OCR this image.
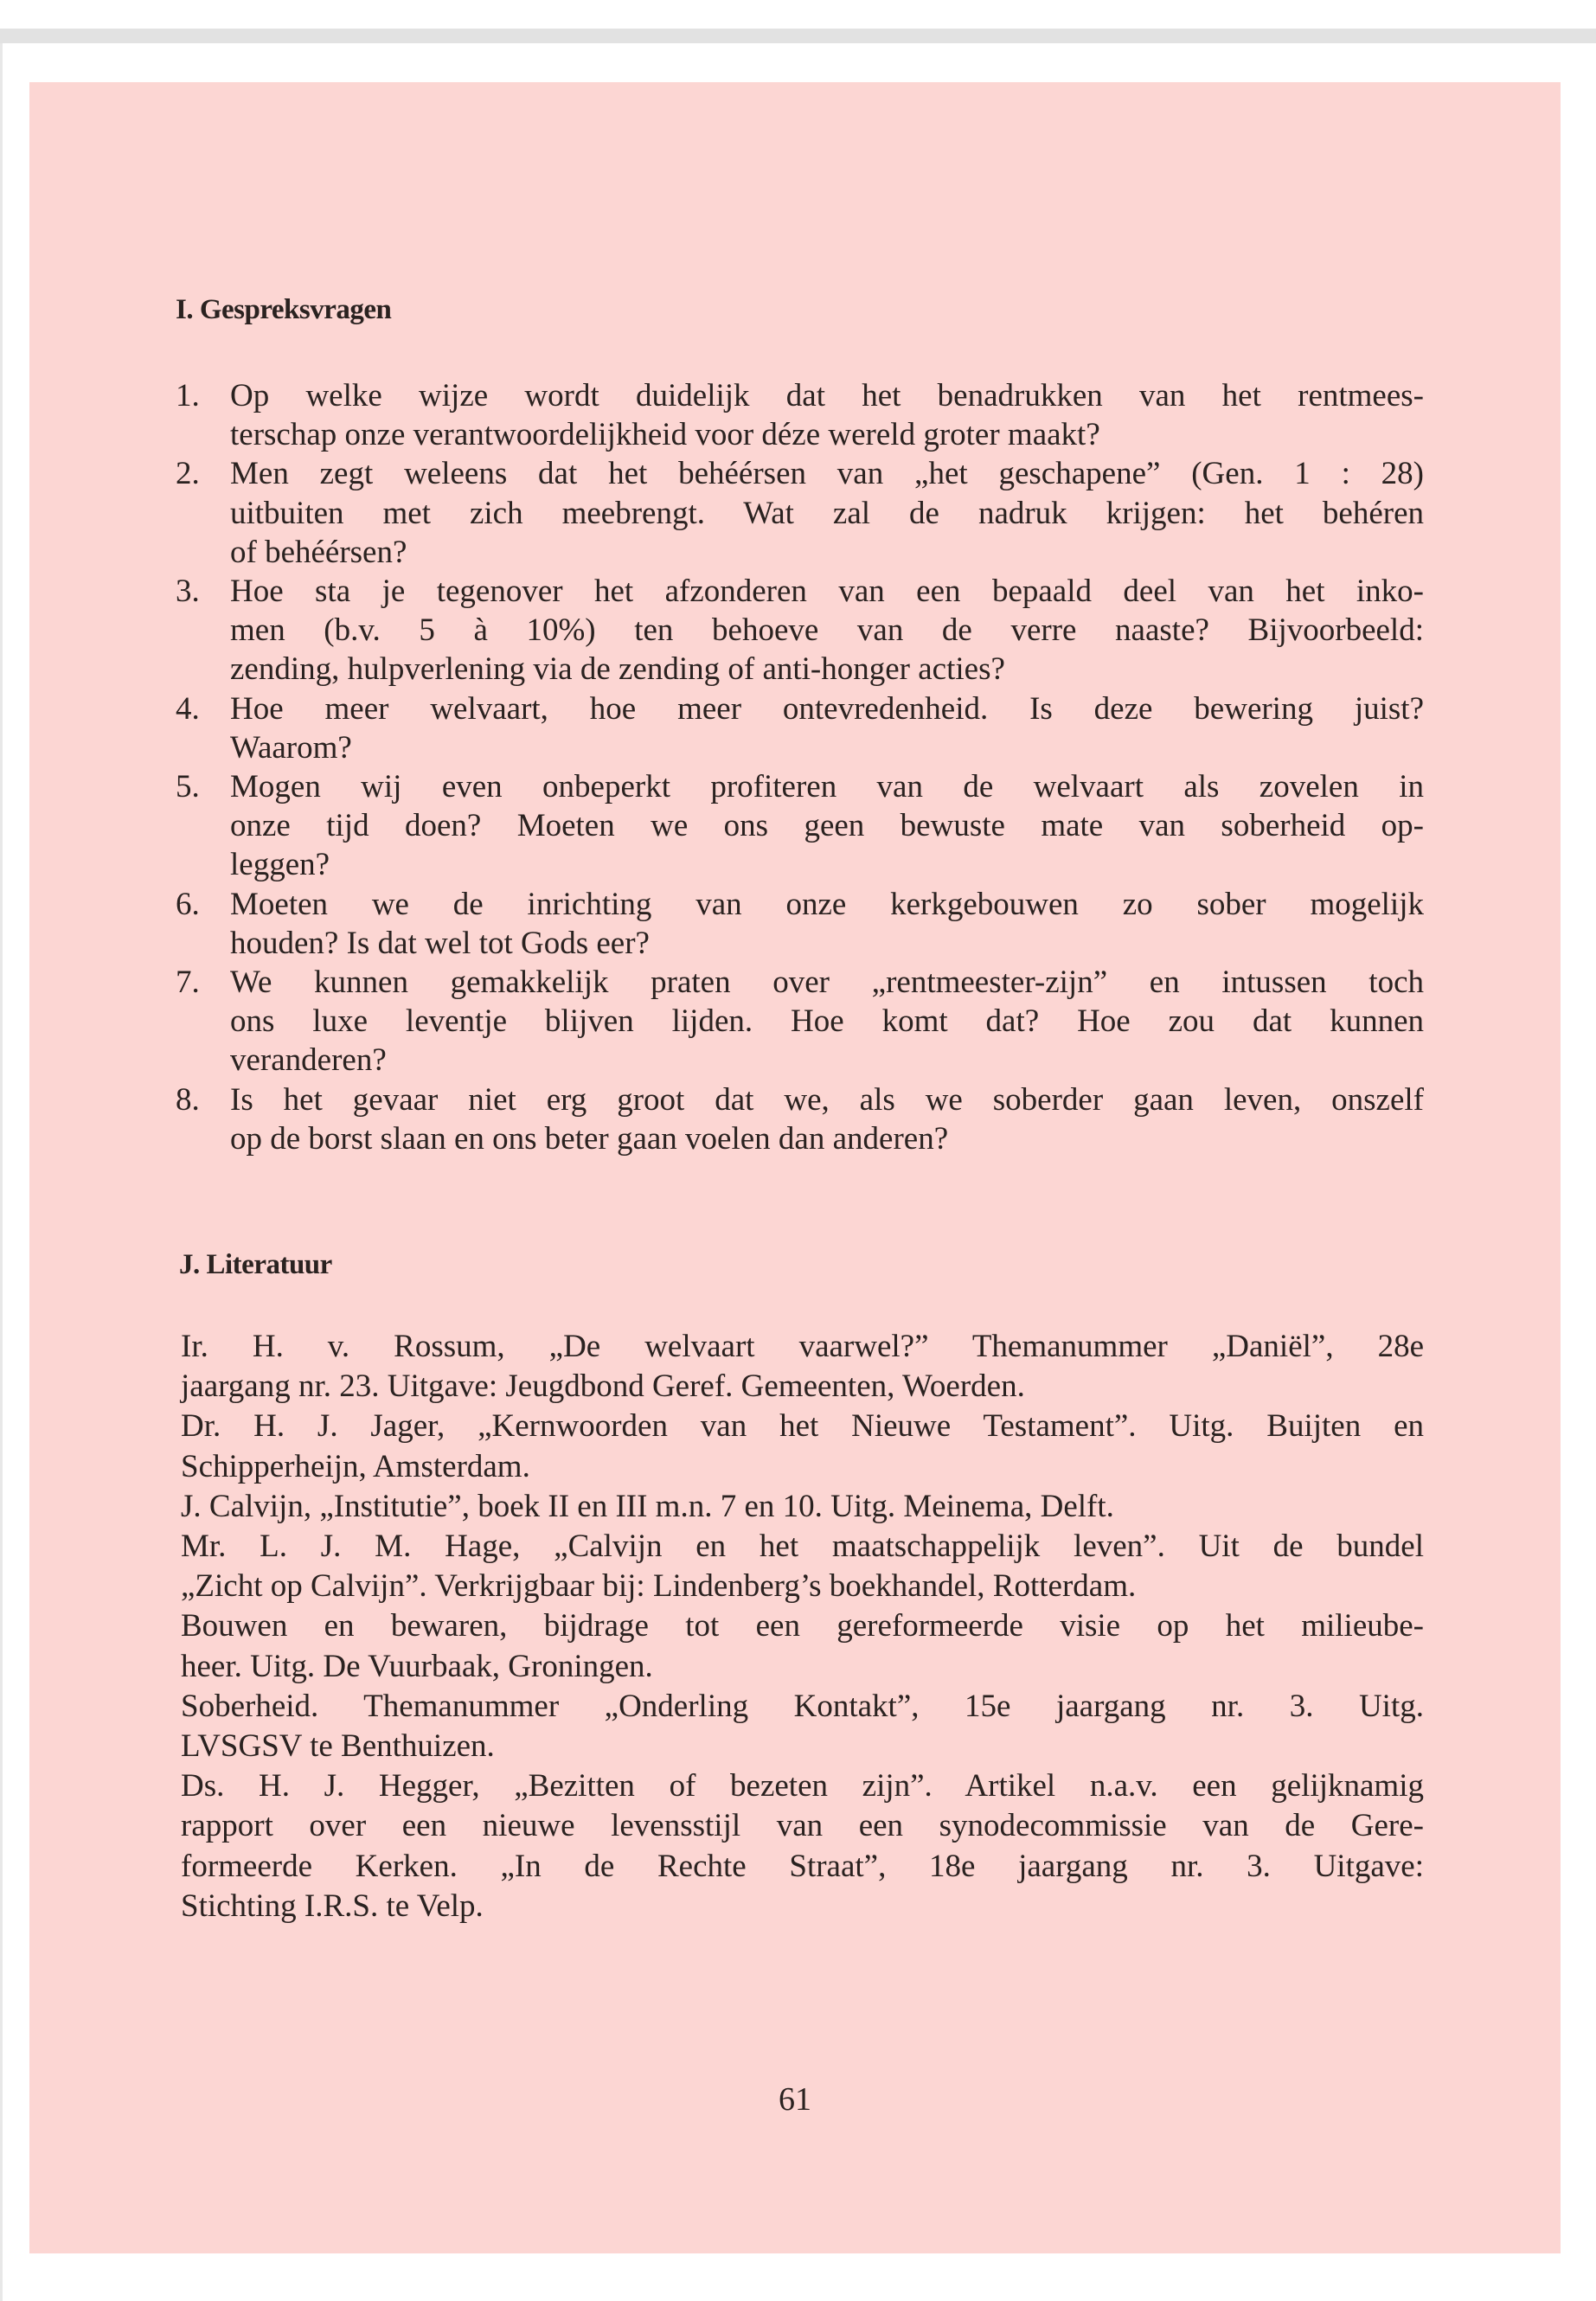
I. Gespreksvragen
1. Op welke wijze wordt duidelijk dat het benadrukken van het rentmees-
terschap onze verantwoordelijkheid voor déze wereld groter maakt?
2. Men zegt weleens dat het behéérsen van „het geschapene” (Gen. 1 : 28)
uitbuiten met zich meebrengt. Wat zal de nadruk krijgen: het behéren
of behéérsen?
3. Hoe sta je tegenover het afzonderen van een bepaald deel van het inko-
men (b.v. 5 à 10%) ten behoeve van de verre naaste? Bijvoorbeeld:
zending, hulpverlening via de zending of anti-honger acties?
4. Hoe meer welvaart, hoe meer ontevredenheid. Is deze bewering juist?
Waarom?
5. Mogen wij even onbeperkt profiteren van de welvaart als zovelen in
onze tijd doen? Moeten we ons geen bewuste mate van soberheid op-
leggen?
6. Moeten we de inrichting van onze kerkgebouwen zo sober mogelijk
houden? Is dat wel tot Gods eer?
7. We kunnen gemakkelijk praten over „rentmeester-zijn” en intussen toch
ons luxe leventje blijven lijden. Hoe komt dat? Hoe zou dat kunnen
veranderen?
8. Is het gevaar niet erg groot dat we, als we soberder gaan leven, onszelf
op de borst slaan en ons beter gaan voelen dan anderen?
J. Literatuur
Ir. H. v. Rossum, „De welvaart vaarwel?” Themanummer „Daniël”, 28e
jaargang nr. 23. Uitgave: Jeugdbond Geref. Gemeenten, Woerden.
Dr. H. J. Jager, „Kernwoorden van het Nieuwe Testament”. Uitg. Buijten en
Schipperheijn, Amsterdam.
J. Calvijn, „Institutie”, boek II en III m.n. 7 en 10. Uitg. Meinema, Delft.
Mr. L. J. M. Hage, „Calvijn en het maatschappelijk leven”. Uit de bundel
„Zicht op Calvijn”. Verkrijgbaar bij: Lindenberg’s boekhandel, Rotterdam.
Bouwen en bewaren, bijdrage tot een gereformeerde visie op het milieube-
heer. Uitg. De Vuurbaak, Groningen.
Soberheid. Themanummer „Onderling Kontakt”, 15e jaargang nr. 3. Uitg.
LVSGSV te Benthuizen.
Ds. H. J. Hegger, „Bezitten of bezeten zijn”. Artikel n.a.v. een gelijknamig
rapport over een nieuwe levensstijl van een synodecommissie van de Gere-
formeerde Kerken. „In de Rechte Straat”, 18e jaargang nr. 3. Uitgave:
Stichting I.R.S. te Velp.
61
